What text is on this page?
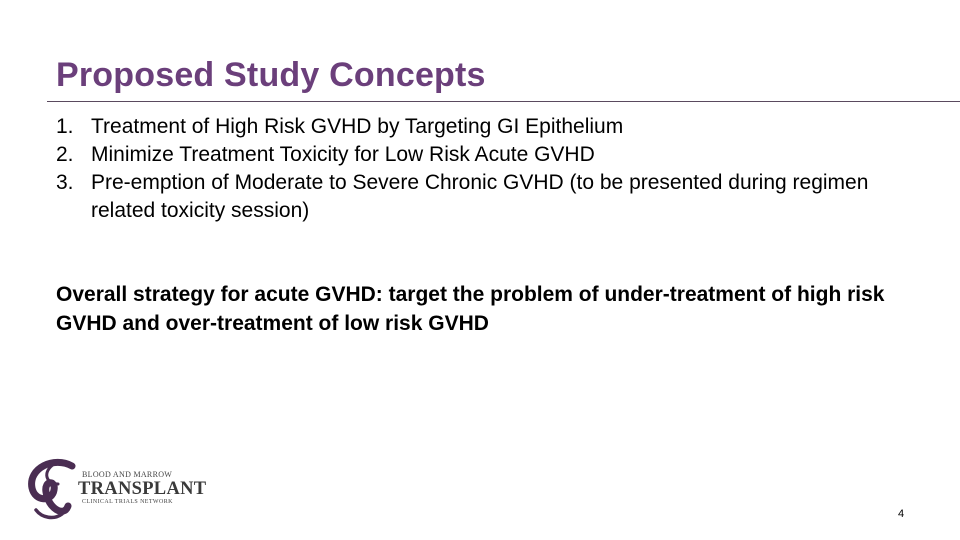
Proposed Study Concepts
1. Treatment of High Risk GVHD by Targeting GI Epithelium
2. Minimize Treatment Toxicity for Low Risk Acute GVHD
3. Pre-emption of Moderate to Severe Chronic GVHD (to be presented during regimen related toxicity session)

Overall strategy for acute GVHD: target the problem of under-treatment of high risk GVHD and over-treatment of low risk GVHD

BLOOD AND MARROW
TRANSPLANT
CLINICAL TRIALS NETWORK
4
